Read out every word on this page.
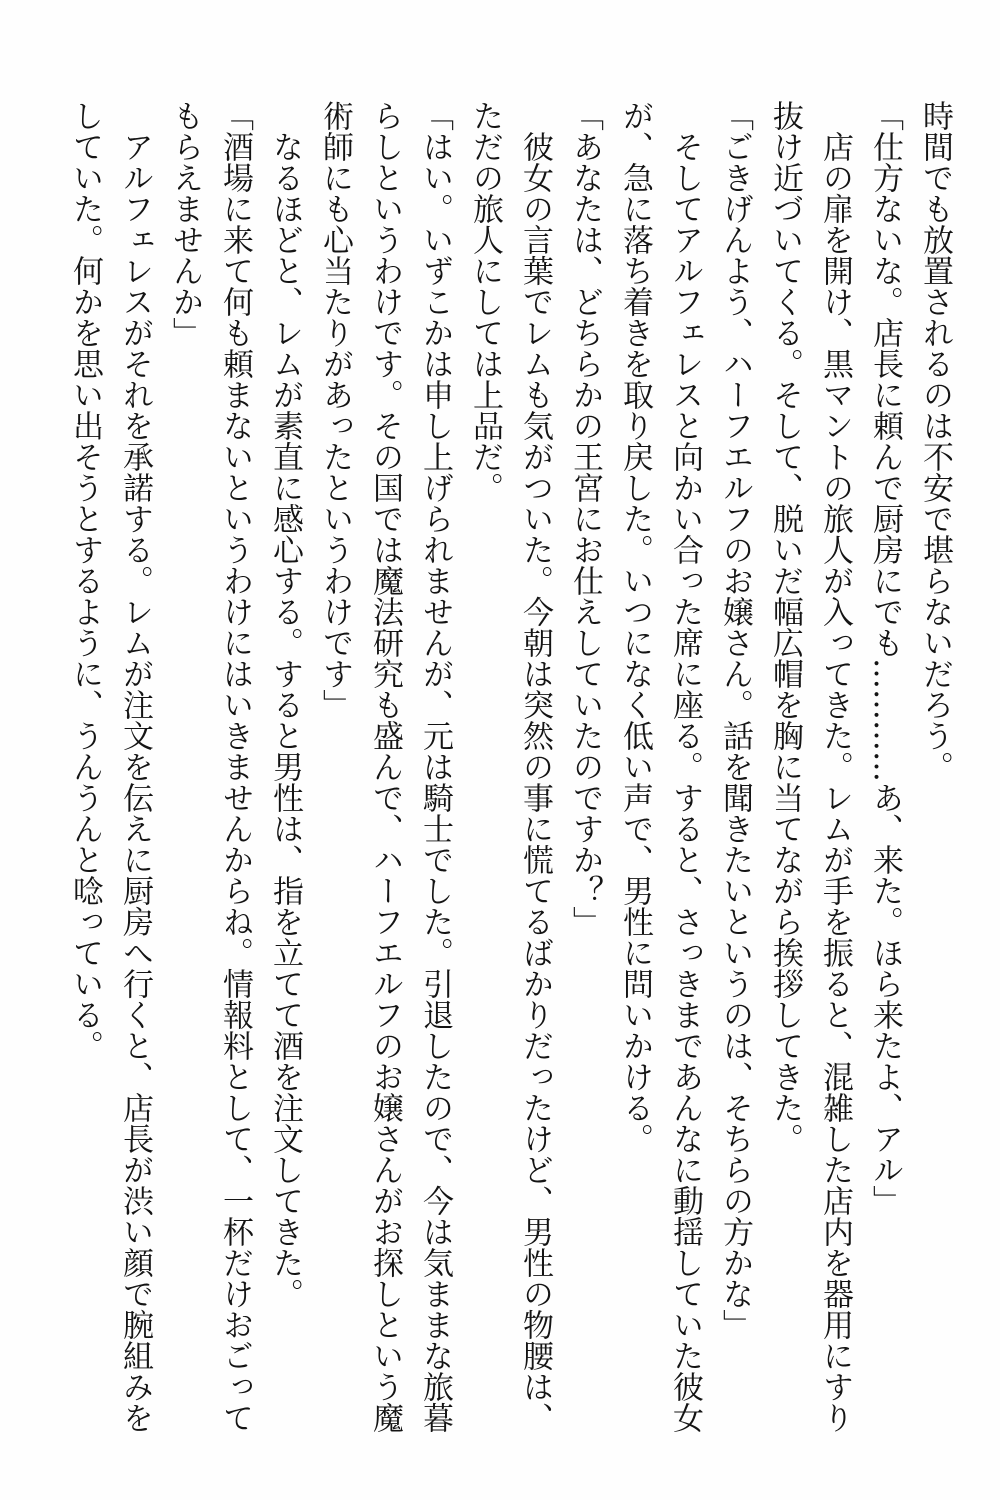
時間でも放置されるのは不安で堪らないだろう。

「仕方ないな。店長に頼んで厨房にでも…………あ、来た。ほら来たよ、アル」

店の扉を開け、黒マントの旅人が入ってきた。レムが手を振ると、混雑した店内を器用にすり抜け近づいてくる。そして、脱いだ幅広帽を胸に当てながら挨拶してきた。

「ごきげんよう、ハーフエルフのお嬢さん。話を聞きたいというのは、そちらの方かな」

そしてアルフェレスと向かい合った席に座る。すると、さっきまであんなに動揺していた彼女が、急に落ち着きを取り戻した。いつになく低い声で、男性に問いかける。

「あなたは、どちらかの王宮にお仕えしていたのですか？」

彼女の言葉でレムも気がついた。今朝は突然の事に慌てるばかりだったけど、男性の物腰は、ただの旅人にしては上品だ。

「はい。いずこかは申し上げられませんが、元は騎士でした。引退したので、今は気ままな旅暮らしというわけです。その国では魔法研究も盛んで、ハーフエルフのお嬢さんがお探しという魔術師にも心当たりがあったというわけです」

なるほどと、レムが素直に感心する。すると男性は、指を立てて酒を注文してきた。

「酒場に来て何も頼まないというわけにはいきませんからね。情報料として、一杯だけおごってもらえませんか」

アルフェレスがそれを承諾する。レムが注文を伝えに厨房へ行くと、店長が渋い顔で腕組みをしていた。何かを思い出そうとするように、うんうんと唸っている。
